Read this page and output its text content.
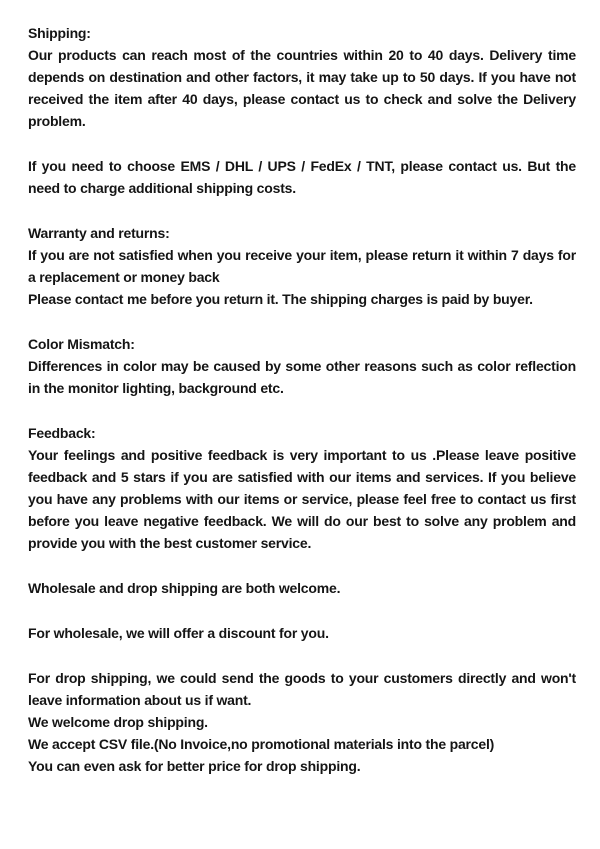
Shipping:

Our products can reach most of the countries within 20 to 40 days. Delivery time depends on destination and other factors, it may take up to 50 days. If you have not received the item after 40 days, please contact us to check and solve the Delivery problem.

If you need to choose EMS / DHL / UPS / FedEx / TNT, please contact us. But the need to charge additional shipping costs.

Warranty and returns:

If you are not satisfied when you receive your item, please return it within 7 days for a replacement or money back

Please contact me before you return it. The shipping charges is paid by buyer.

Color Mismatch:

Differences in color may be caused by some other reasons such as color reflection in the monitor lighting, background etc.

Feedback:

Your feelings and positive feedback is very important to us .Please leave positive feedback and 5 stars if you are satisfied with our items and services. If you believe you have any problems with our items or service, please feel free to contact us first before you leave negative feedback. We will do our best to solve any problem and provide you with the best customer service.

Wholesale and drop shipping are both welcome.

For wholesale, we will offer a discount for you.

For drop shipping, we could send the goods to your customers directly and won't leave information about us if want.

We welcome drop shipping.

We accept CSV file.(No Invoice,no promotional materials into the parcel)

You can even ask for better price for drop shipping.
